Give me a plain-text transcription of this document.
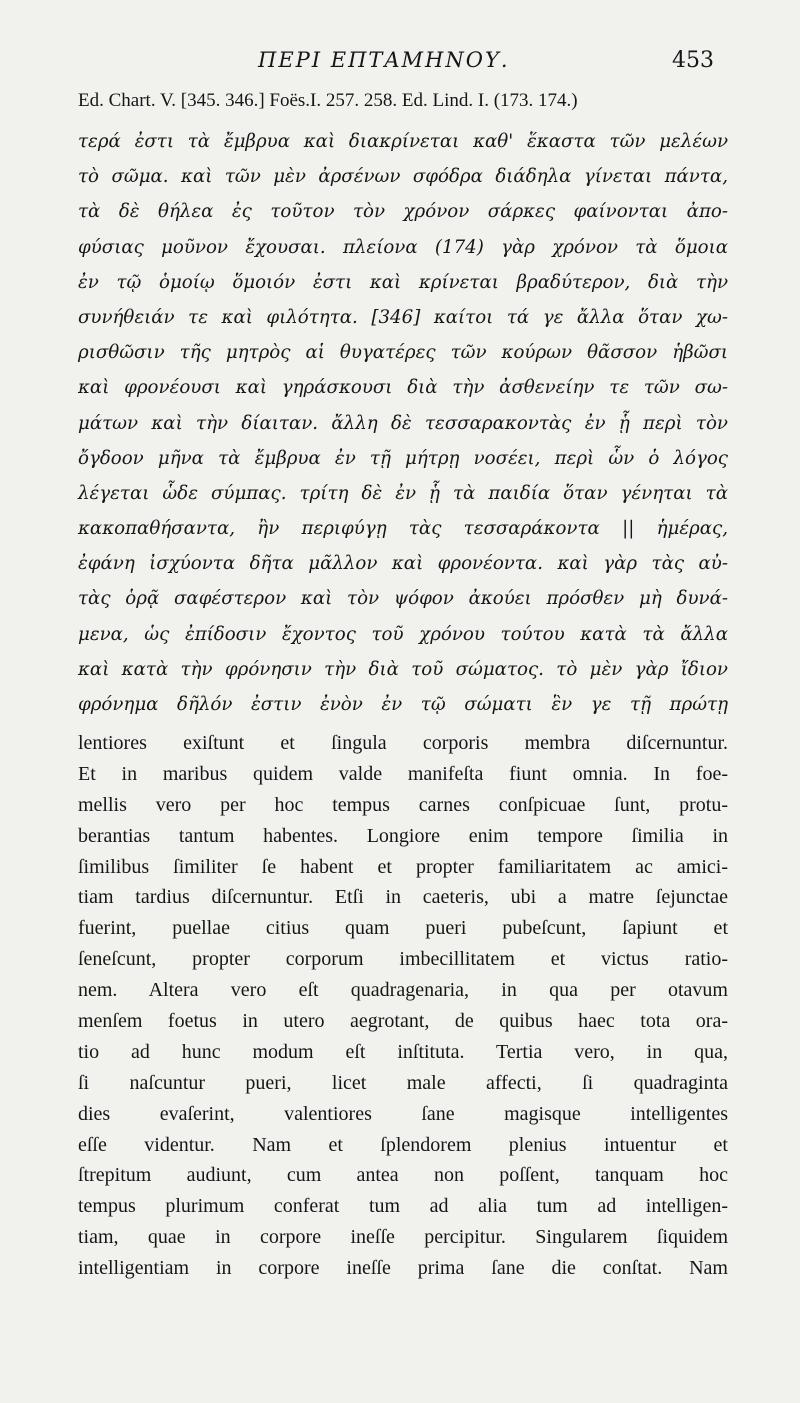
ΠΕΡΙ ΕΠΤΑΜΗΝΟΥ.	453
Ed. Chart. V. [345. 346.] Foës.I. 257. 258. Ed. Lind. I. (173. 174.)
τερά ἐστι τὰ ἔμβρυα καὶ διακρίνεται καθ' ἕκαστα τῶν μελέων
τὸ σῶμα. καὶ τῶν μὲν ἀρσένων σφόδρα διάδηλα γίνεται πάντα,
τὰ δὲ θήλεα ἐς τοῦτον τὸν χρόνον σάρκες φαίνονται ἀπο-
φύσιας μοῦνον ἔχουσαι. πλείονα (174) γὰρ χρόνον τὰ ὅμοια
ἐν τῷ ὁμοίῳ ὅμοιόν ἐστι καὶ κρίνεται βραδύτερον, διὰ τὴν
συνήθειάν τε καὶ φιλότητα. [346] καίτοι τά γε ἄλλα ὅταν χω-
ρισθῶσιν τῆς μητρὸς αἱ θυγατέρες τῶν κούρων θᾶσσον ἡβῶσι
καὶ φρονέουσι καὶ γηράσκουσι διὰ τὴν ἀσθενείην τε τῶν σω-
μάτων καὶ τὴν δίαιταν. ἄλλη δὲ τεσσαρακοντὰς ἐν ᾗ περὶ τὸν
ὄγδοον μῆνα τὰ ἔμβρυα ἐν τῇ μήτρῃ νοσέει, περὶ ὧν ὁ λόγος
λέγεται ὧδε σύμπας. τρίτη δὲ ἐν ᾗ τὰ παιδία ὅταν γένηται τὰ
κακοπαθήσαντα, ἢν περιφύγῃ τὰς τεσσαράκοντα || ἡμέρας,
ἐφάνη ἰσχύοντα δῆτα μᾶλλον καὶ φρονέοντα. καὶ γὰρ τὰς αὐ-
τὰς ὁρᾷ σαφέστερον καὶ τὸν ψόφον ἀκούει πρόσθεν μὴ δυνά-
μενα, ὡς ἐπίδοσιν ἔχοντος τοῦ χρόνου τούτου κατὰ τὰ ἄλλα
καὶ κατὰ τὴν φρόνησιν τὴν διὰ τοῦ σώματος. τὸ μὲν γὰρ ἴδιον
φρόνημα δῆλόν ἐστιν ἐνὸν ἐν τῷ σώματι ἓν γε τῇ πρώτῃ
lentiores exiſtunt et ſingula corporis membra diſcernuntur.
Et in maribus quidem valde manifeſta fiunt omnia. In foe-
mellis vero per hoc tempus carnes conſpicuae ſunt, protu-
berantias tantum habentes. Longiore enim tempore ſimilia in
ſimilibus ſimiliter ſe habent et propter familiaritatem ac amici-
tiam tardius diſcernuntur. Etſi in caeteris, ubi a matre ſejunctae
fuerint, puellae citius quam pueri pubeſcunt, ſapiunt et
ſeneſcunt, propter corporum imbecillitatem et victus ratio-
nem. Altera vero eſt quadragenaria, in qua per otavum
menſem foetus in utero aegrotant, de quibus haec tota ora-
tio ad hunc modum eſt inſtituta. Tertia vero, in qua,
ſi naſcuntur pueri, licet male affecti, ſi quadraginta
dies evaſerint, valentiores ſane magisque intelligentes
eſſe videntur. Nam et ſplendorem plenius intuentur et
ſtrepitum audiunt, cum antea non poſſent, tanquam hoc
tempus plurimum conferat tum ad alia tum ad intelligen-
tiam, quae in corpore ineſſe percipitur. Singularem ſiquidem
intelligentiam in corpore ineſſe prima ſane die conſtat. Nam
